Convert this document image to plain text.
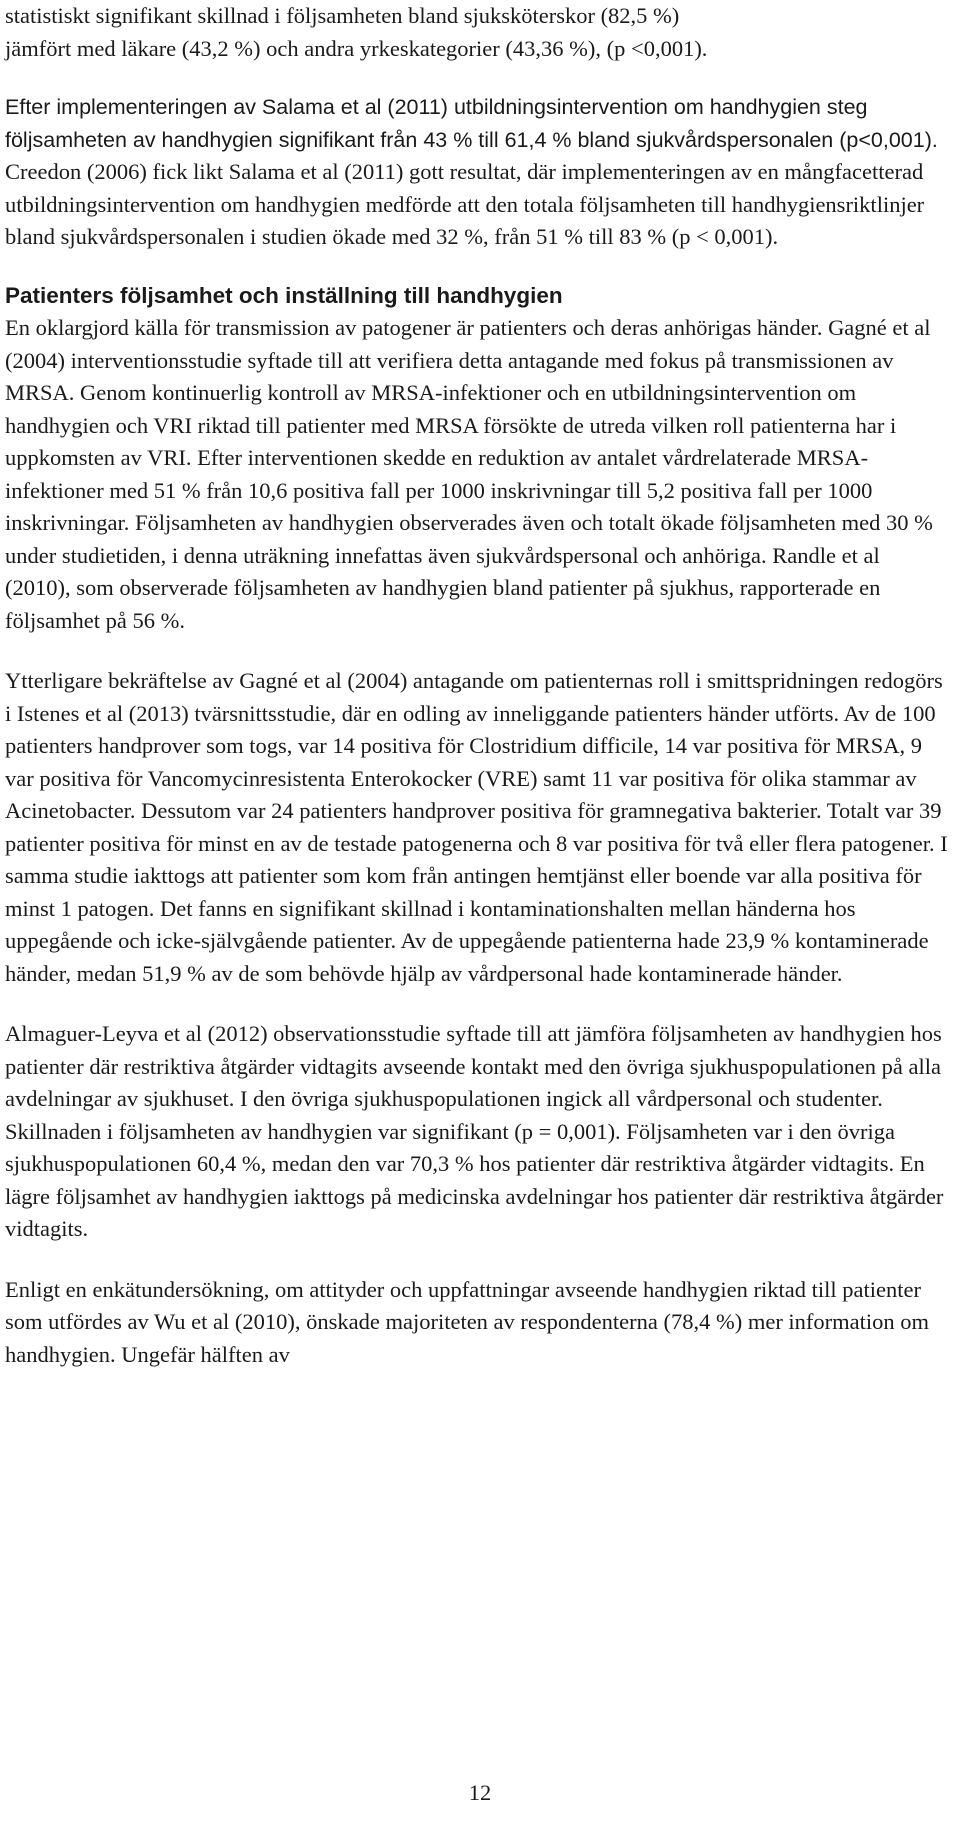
statistiskt signifikant skillnad i följsamheten bland sjuksköterskor (82,5 %)
jämfört med läkare (43,2 %) och andra yrkeskategorier (43,36 %), (p <0,001).

Efter implementeringen av Salama et al (2011) utbildningsintervention om handhygien steg följsamheten av handhygien signifikant från 43 % till 61,4 % bland sjukvårdspersonalen (p<0,001). Creedon (2006) fick likt Salama et al (2011) gott resultat, där implementeringen av en mångfacetterad utbildningsintervention om handhygien medförde att den totala följsamheten till handhygiensriktlinjer bland sjukvårdspersonalen i studien ökade med 32 %, från 51 % till 83 % (p < 0,001).

Patienters följsamhet och inställning till handhygien

En oklargjord källa för transmission av patogener är patienters och deras anhörigas händer. Gagné et al (2004) interventionsstudie syftade till att verifiera detta antagande med fokus på transmissionen av MRSA. Genom kontinuerlig kontroll av MRSA-infektioner och en utbildningsintervention om handhygien och VRI riktad till patienter med MRSA försökte de utreda vilken roll patienterna har i uppkomsten av VRI. Efter interventionen skedde en reduktion av antalet vårdrelaterade MRSA-infektioner med 51 % från 10,6 positiva fall per 1000 inskrivningar till 5,2 positiva fall per 1000 inskrivningar. Följsamheten av handhygien observerades även och totalt ökade följsamheten med 30 % under studietiden, i denna uträkning innefattas även sjukvårdspersonal och anhöriga. Randle et al (2010), som observerade följsamheten av handhygien bland patienter på sjukhus, rapporterade en följsamhet på 56 %.

Ytterligare bekräftelse av Gagné et al (2004) antagande om patienternas roll i smittspridningen redogörs i Istenes et al (2013) tvärsnittsstudie, där en odling av inneliggande patienters händer utförts. Av de 100 patienters handprover som togs, var 14 positiva för Clostridium difficile, 14 var positiva för MRSA, 9 var positiva för Vancomycinresistenta Enterokocker (VRE) samt 11 var positiva för olika stammar av Acinetobacter. Dessutom var 24 patienters handprover positiva för gramnegativa bakterier. Totalt var 39 patienter positiva för minst en av de testade patogenerna och 8 var positiva för två eller flera patogener. I samma studie iakttogs att patienter som kom från antingen hemtjänst eller boende var alla positiva för minst 1 patogen. Det fanns en signifikant skillnad i kontaminationshalten mellan händerna hos uppegående och icke-självgående patienter. Av de uppegående patienterna hade 23,9 % kontaminerade händer, medan 51,9 % av de som behövde hjälp av vårdpersonal hade kontaminerade händer.

Almaguer-Leyva et al (2012) observationsstudie syftade till att jämföra följsamheten av handhygien hos patienter där restriktiva åtgärder vidtagits avseende kontakt med den övriga sjukhuspopulationen på alla avdelningar av sjukhuset. I den övriga sjukhuspopulationen ingick all vårdpersonal och studenter. Skillnaden i följsamheten av handhygien var signifikant (p = 0,001). Följsamheten var i den övriga sjukhuspopulationen 60,4 %, medan den var 70,3 % hos patienter där restriktiva åtgärder vidtagits. En lägre följsamhet av handhygien iakttogs på medicinska avdelningar hos patienter där restriktiva åtgärder vidtagits.

Enligt en enkätundersökning, om attityder och uppfattningar avseende handhygien riktad till patienter som utfördes av Wu et al (2010), önskade majoriteten av respondenterna (78,4 %) mer information om handhygien. Ungefär hälften av

12
